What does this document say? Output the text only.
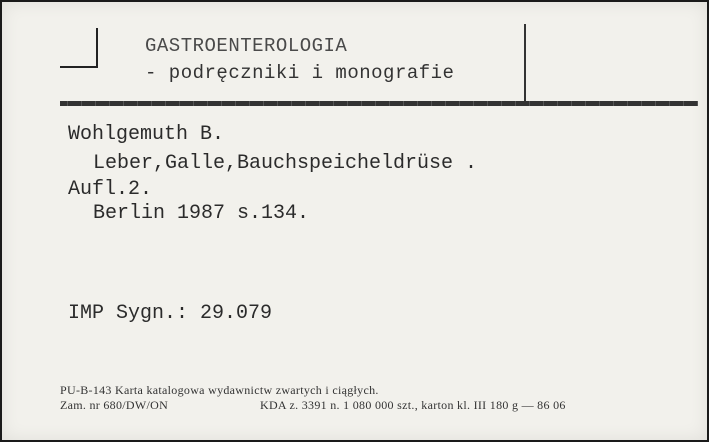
GASTROENTEROLOGIA
- podręczniki i monografie
Wohlgemuth B.
Leber,Galle,Bauchspeicheldrüse .
Aufl.2.
Berlin 1987 s.134.
IMP Sygn.: 29.079
PU-B-143 Karta katalogowa wydawnictw zwartych i ciągłych.
Zam. nr 680/DW/ON	KDA z. 3391 n. 1 080 000 szt., karton kl. III 180 g — 86 06
